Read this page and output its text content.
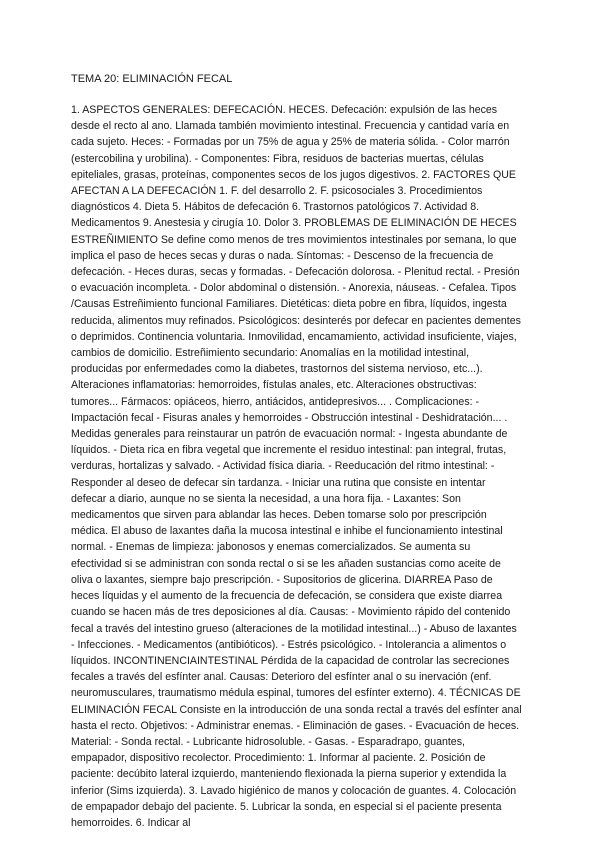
TEMA 20: ELIMINACIÓN FECAL
1. ASPECTOS GENERALES: DEFECACIÓN. HECES. Defecación: expulsión de las heces desde el recto al ano. Llamada también movimiento intestinal. Frecuencia y cantidad varía en cada sujeto. Heces: - Formadas por un 75% de agua y 25% de materia sólida. - Color marrón (estercobilina y urobilina). - Componentes: Fibra, residuos de bacterias muertas, células epiteliales, grasas, proteínas, componentes secos de los jugos digestivos. 2. FACTORES QUE AFECTAN A LA DEFECACIÓN 1. F. del desarrollo 2. F. psicosociales 3. Procedimientos diagnósticos 4. Dieta 5. Hábitos de defecación 6. Trastornos patológicos 7. Actividad 8. Medicamentos 9. Anestesia y cirugía 10. Dolor 3. PROBLEMAS DE ELIMINACIÓN DE HECES ESTREÑIMIENTO Se define como menos de tres movimientos intestinales por semana, lo que implica el paso de heces secas y duras o nada. Síntomas: - Descenso de la frecuencia de defecación. - Heces duras, secas y formadas. - Defecación dolorosa. - Plenitud rectal. - Presión o evacuación incompleta. - Dolor abdominal o distensión. - Anorexia, náuseas. - Cefalea. Tipos /Causas Estreñimiento funcional Familiares. Dietéticas: dieta pobre en fibra, líquidos, ingesta reducida, alimentos muy refinados. Psicológicos: desinterés por defecar en pacientes dementes o deprimidos. Continencia voluntaria. Inmovilidad, encamamiento, actividad insuficiente, viajes, cambios de domicilio. Estreñimiento secundario: Anomalías en la motilidad intestinal, producidas por enfermedades como la diabetes, trastornos del sistema nervioso, etc...). Alteraciones inflamatorias: hemorroides, fístulas anales, etc. Alteraciones obstructivas: tumores... Fármacos: opiáceos, hierro, antiácidos, antidepresivos... . Complicaciones: - Impactación fecal - Fisuras anales y hemorroides - Obstrucción intestinal - Deshidratación... . Medidas generales para reinstaurar un patrón de evacuación normal: - Ingesta abundante de líquidos. - Dieta rica en fibra vegetal que incremente el residuo intestinal: pan integral, frutas, verduras, hortalizas y salvado. - Actividad física diaria. - Reeducación del ritmo intestinal: - Responder al deseo de defecar sin tardanza. - Iniciar una rutina que consiste en intentar defecar a diario, aunque no se sienta la necesidad, a una hora fija. - Laxantes: Son medicamentos que sirven para ablandar las heces. Deben tomarse solo por prescripción médica. El abuso de laxantes daña la mucosa intestinal e inhibe el funcionamiento intestinal normal. - Enemas de limpieza: jabonosos y enemas comercializados. Se aumenta su efectividad si se administran con sonda rectal o si se les añaden sustancias como aceite de oliva o laxantes, siempre bajo prescripción. - Supositorios de glicerina. DIARREA Paso de heces líquidas y el aumento de la frecuencia de defecación, se considera que existe diarrea cuando se hacen más de tres deposiciones al día. Causas: - Movimiento rápido del contenido fecal a través del intestino grueso (alteraciones de la motilidad intestinal...) - Abuso de laxantes - Infecciones. - Medicamentos (antibióticos). - Estrés psicológico. - Intolerancia a alimentos o líquidos. INCONTINENCIAINTESTINAL Pérdida de la capacidad de controlar las secreciones fecales a través del esfínter anal. Causas: Deterioro del esfínter anal o su inervación (enf. neuromusculares, traumatismo médula espinal, tumores del esfínter externo). 4. TÉCNICAS DE ELIMINACIÓN FECAL Consiste en la introducción de una sonda rectal a través del esfínter anal hasta el recto. Objetivos: - Administrar enemas. - Eliminación de gases. - Evacuación de heces. Material: - Sonda rectal. - Lubricante hidrosoluble. - Gasas. - Esparadrapo, guantes, empapador, dispositivo recolector. Procedimiento: 1. Informar al paciente. 2. Posición de paciente: decúbito lateral izquierdo, manteniendo flexionada la pierna superior y extendida la inferior (Sims izquierda). 3. Lavado higiénico de manos y colocación de guantes. 4. Colocación de empapador debajo del paciente. 5. Lubricar la sonda, en especial si el paciente presenta hemorroides. 6. Indicar al
